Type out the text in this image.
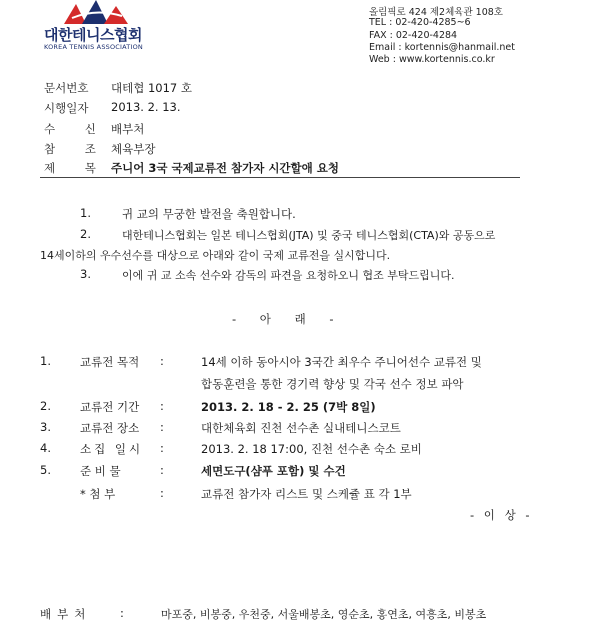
대한테니스협회
KOREA TENNIS ASSOCIATION
올림픽로 424 제2체육관 108호
TEL : 02-420-4285~6
FAX : 02-420-4284
Email : kortennis@hanmail.net
Web : www.kortennis.co.kr
문서번호 대테협 1017 호
시행일자 2013. 2. 13.
수 신 배부처
참 조 체육부장
제 목 주니어 3국 국제교류전 참가자 시간할애 요청
1.	귀 교의 무궁한 발전을 축원합니다.
2.	대한테니스협회는 일본 테니스협회(JTA) 및 중국 테니스협회(CTA)와 공동으로
14세이하의 우수선수를 대상으로 아래와 같이 국제 교류전을 실시합니다.
3.	이에 귀 교 소속 선수와 감독의 파견을 요청하오니 협조 부탁드립니다.
- 아 래 -
1.	교류전 목적 :	14세 이하 동아시아 3국간 최우수 주니어선수 교류전 및
합동훈련을 통한 경기력 향상 및 각국 선수 정보 파악
2.	교류전 기간 :	2013. 2. 18 - 2. 25 (7박 8일)
3.	교류전 장소 :	대한체육회 진천 선수촌 실내테니스코트
4.	소집 일시 :	2013. 2. 18 17:00, 진천 선수촌 숙소 로비
5.	준 비 물	:	세면도구(샴푸 포함) 및 수건
* 첨 부	:	교류전 참가자 리스트 및 스케쥴 표 각 1부
- 이 상 -
배부처 :	마포중, 비봉중, 우천중, 서울배봉초, 영순초, 홍연초, 여흥초, 비봉초
